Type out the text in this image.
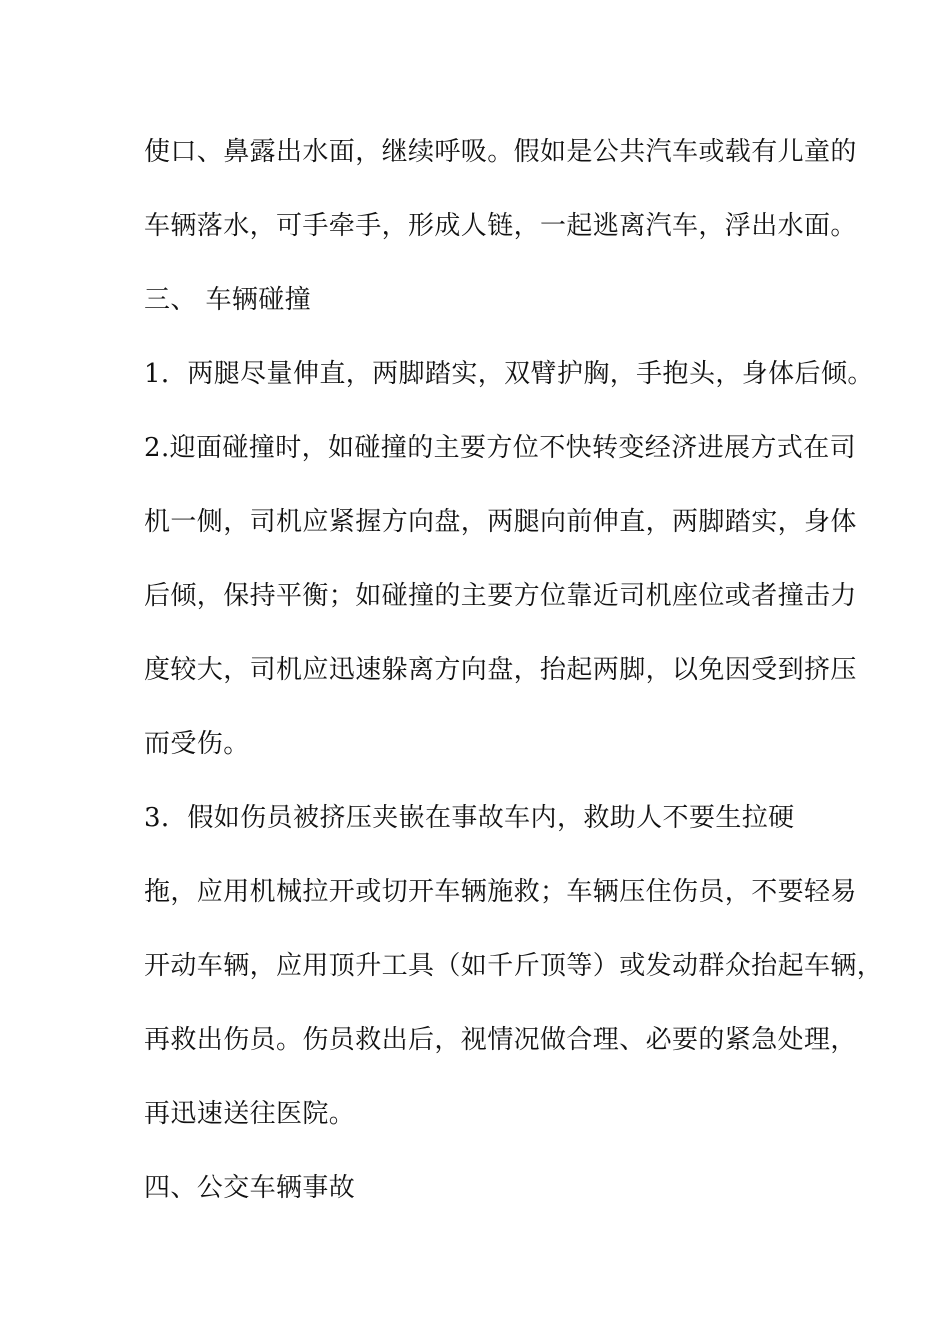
使口、鼻露出水面，继续呼吸。假如是公共汽车或载有儿童的
车辆落水，可手牵手，形成人链，一起逃离汽车，浮出水面。
三、 车辆碰撞
1．两腿尽量伸直，两脚踏实，双臂护胸，手抱头，身体后倾。
2.迎面碰撞时，如碰撞的主要方位不快转变经济进展方式在司
机一侧，司机应紧握方向盘，两腿向前伸直，两脚踏实，身体
后倾，保持平衡；如碰撞的主要方位靠近司机座位或者撞击力
度较大，司机应迅速躲离方向盘，抬起两脚，以免因受到挤压
而受伤。
3．假如伤员被挤压夹嵌在事故车内，救助人不要生拉硬
拖，应用机械拉开或切开车辆施救；车辆压住伤员，不要轻易
开动车辆，应用顶升工具（如千斤顶等）或发动群众抬起车辆，
再救出伤员。伤员救出后，视情况做合理、必要的紧急处理，
再迅速送往医院。
四、公交车辆事故
